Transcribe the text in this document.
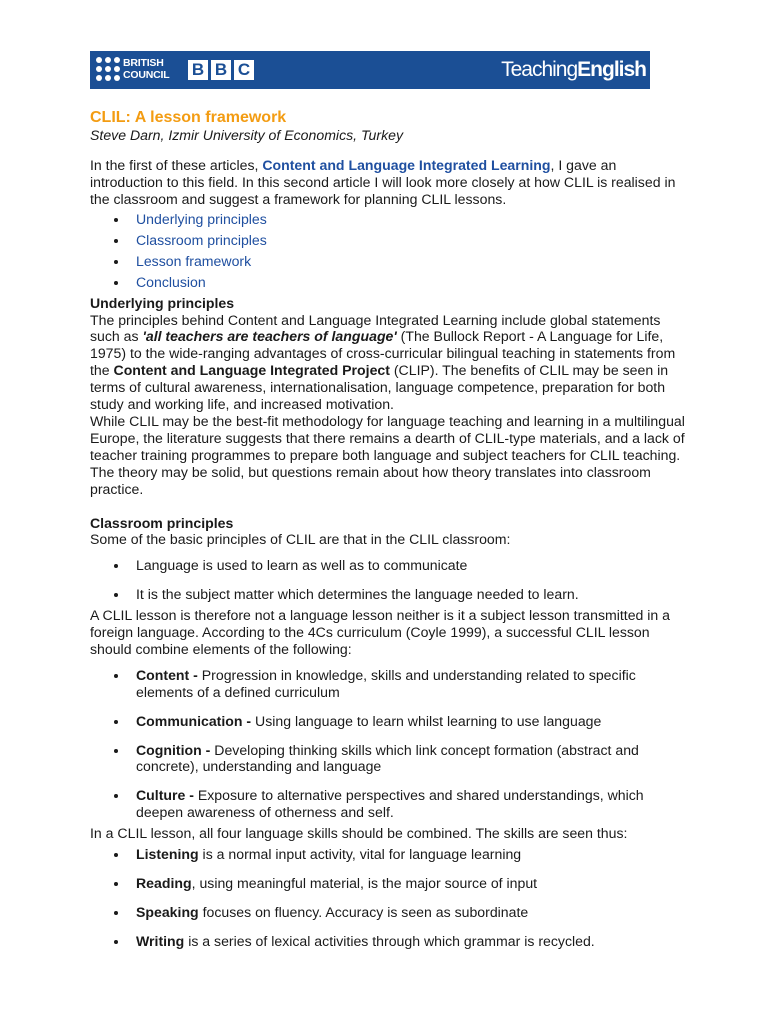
BRITISH
COUNCIL B B C	TeachingEnglish
CLIL: A lesson framework

Steve Darn, Izmir University of Economics, Turkey

In the first of these articles, Content and Language Integrated Learning, I gave an introduction to this field. In this second article I will look more closely at how CLIL is realised in the classroom and suggest a framework for planning CLIL lessons.

Underlying principles
Classroom principles
Lesson framework
Conclusion
Underlying principles

The principles behind Content and Language Integrated Learning include global statements such as 'all teachers are teachers of language' (The Bullock Report - A Language for Life, 1975) to the wide-ranging advantages of cross-curricular bilingual teaching in statements from the Content and Language Integrated Project (CLIP). The benefits of CLIL may be seen in terms of cultural awareness, internationalisation, language competence, preparation for both study and working life, and increased motivation.

While CLIL may be the best-fit methodology for language teaching and learning in a multilingual Europe, the literature suggests that there remains a dearth of CLIL-type materials, and a lack of teacher training programmes to prepare both language and subject teachers for CLIL teaching. The theory may be solid, but questions remain about how theory translates into classroom practice.

Classroom principles

Some of the basic principles of CLIL are that in the CLIL classroom:

Language is used to learn as well as to communicate
It is the subject matter which determines the language needed to learn.

A CLIL lesson is therefore not a language lesson neither is it a subject lesson transmitted in a foreign language. According to the 4Cs curriculum (Coyle 1999), a successful CLIL lesson should combine elements of the following:

Content - Progression in knowledge, skills and understanding related to specific elements of a defined curriculum
Communication - Using language to learn whilst learning to use language
Cognition - Developing thinking skills which link concept formation (abstract and concrete), understanding and language
Culture - Exposure to alternative perspectives and shared understandings, which deepen awareness of otherness and self.

In a CLIL lesson, all four language skills should be combined. The skills are seen thus:

Listening is a normal input activity, vital for language learning
Reading, using meaningful material, is the major source of input
Speaking focuses on fluency. Accuracy is seen as subordinate
Writing is a series of lexical activities through which grammar is recycled.
